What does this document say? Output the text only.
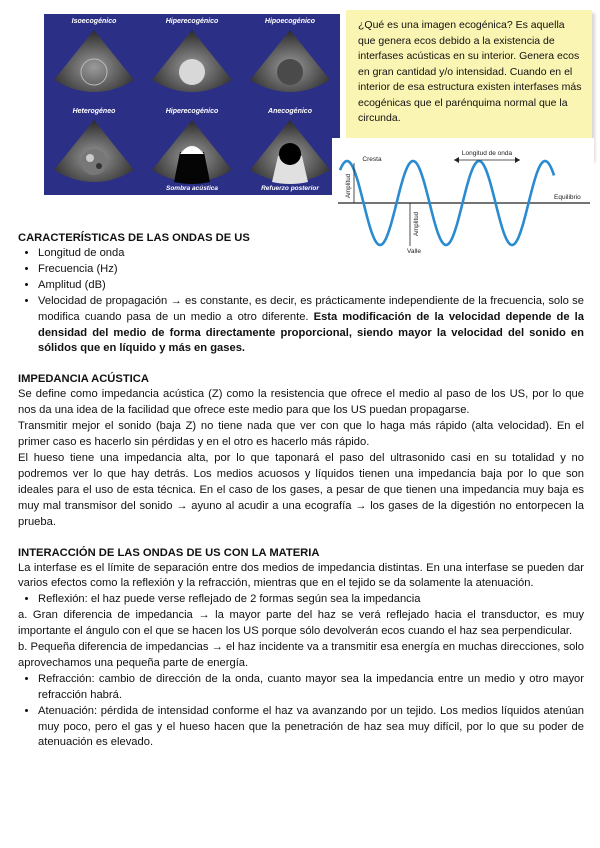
Isoecogénico	Hiperecogénico	Hipoecogénico
Heterogéneo	Hiperecogénico
Sombra acústica
Anecogénico
Refuerzo posterior
¿Qué es una imagen ecogénica? Es aquella que genera ecos debido a la existencia de interfases acústicas en su interior. Genera ecos en gran cantidad y/o intensidad. Cuando en el interior de esa estructura existen interfases más ecogénicas que el parénquima normal que la circunda.
Cresta
Longitud de onda
Amplitud
Amplitud
Valle
Equilibrio
CARACTERÍSTICAS DE LAS ONDAS DE US
• Longitud de onda
• Frecuencia (Hz)
• Amplitud (dB)
• Velocidad de propagación → es constante, es decir, es prácticamente independiente de la frecuencia, solo se modifica cuando pasa de un medio a otro diferente. Esta modificación de la velocidad depende de la densidad del medio de forma directamente proporcional, siendo mayor la velocidad del sonido en sólidos que en líquido y más en gases.
IMPEDANCIA ACÚSTICA

Se define como impedancia acústica (Z) como la resistencia que ofrece el medio al paso de los US, por lo que nos da una idea de la facilidad que ofrece este medio para que los US puedan propagarse.

Transmitir mejor el sonido (baja Z) no tiene nada que ver con que lo haga más rápido (alta velocidad). En el primer caso es hacerlo sin pérdidas y en el otro es hacerlo más rápido.

El hueso tiene una impedancia alta, por lo que taponará el paso del ultrasonido casi en su totalidad y no podremos ver lo que hay detrás. Los medios acuosos y líquidos tienen una impedancia baja por lo que son ideales para el uso de esta técnica. En el caso de los gases, a pesar de que tienen una impedancia muy baja es muy mal transmisor del sonido → ayuno al acudir a una ecografía → los gases de la digestión no entorpecen la prueba.

INTERACCIÓN DE LAS ONDAS DE US CON LA MATERIA

La interfase es el límite de separación entre dos medios de impedancia distintas. En una interfase se pueden dar varios efectos como la reflexión y la refracción, mientras que en el tejido se da solamente la atenuación.

• Reflexión: el haz puede verse reflejado de 2 formas según sea la impedancia

a. Gran diferencia de impedancia → la mayor parte del haz se verá reflejado hacia el transductor, es muy importante el ángulo con el que se hacen los US porque sólo devolverán ecos cuando el haz sea perpendicular.

b. Pequeña diferencia de impedancias → el haz incidente va a transmitir esa energía en muchas direcciones, solo aprovechamos una pequeña parte de energía.

• Refracción: cambio de dirección de la onda, cuanto mayor sea la impedancia entre un medio y otro mayor refracción habrá.
• Atenuación: pérdida de intensidad conforme el haz va avanzando por un tejido. Los medios líquidos atenúan muy poco, pero el gas y el hueso hacen que la penetración de haz sea muy difícil, por lo que su poder de atenuación es elevado.
